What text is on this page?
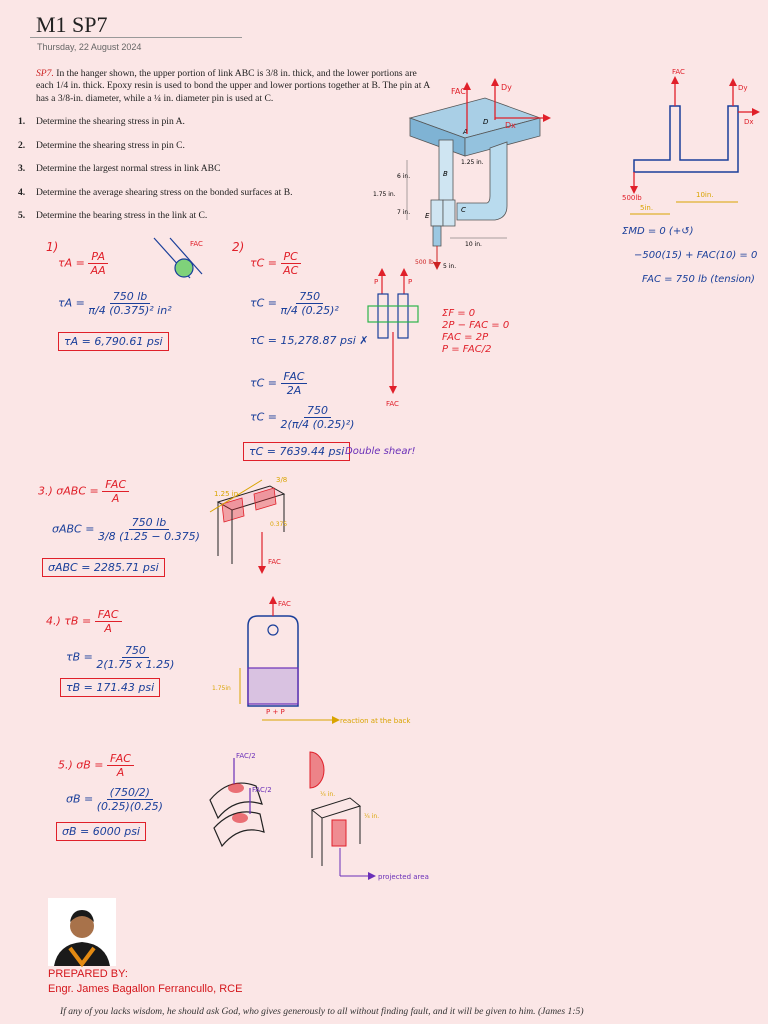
M1 SP7
Thursday, 22 August 2024
SP7. In the hanger shown, the upper portion of link ABC is 3/8 in. thick, and the lower portions are each 1/4 in. thick. Epoxy resin is used to bond the upper and lower portions together at B. The pin at A has a 3/8-in. diameter, while a ¼ in. diameter pin is used at C.
1.	Determine the shearing stress in pin A.
2.	Determine the shearing stress in pin C.
3.	Determine the largest normal stress in link ABC
4.	Determine the average shearing stress on the bonded surfaces at B.
5.	Determine the bearing stress in the link at C.
A
D
B
C
E
1.25 in.
6 in.
1.75 in.
7 in.
10 in.
500 lb
5 in.
FAC	Dy
Dx
FAC
Dy
Dx
500lb	10in.
5in.
ΣMD = 0 (+↺)
−500(15) + FAC(10) = 0
FAC = 750 lb (tension)
1)
$\tau A = \frac{PA}{AA}$
$\tau A = \frac{750 lb}{\text{π/4 (0.375)² in²}}$
τA = 6,790.61 psi
FAC 2)
$\tau C = \frac{PC}{AC}$
$\tau C = \frac{750}{\text{π/4 (0.25)²}}$
τC = 15,278.87 psi ✗
$\tau C = \frac{\text{FAC}}{2A}$
$\tau C = \frac{750}{\text{2(π/4 (0.25)²)}}$
τC = 7639.44 psi Double shear!
P	P
FAC
ΣF = 0
2P − FAC = 0
FAC = 2P
P = FAC/2
3.) $\sigma ABC = \frac{\text{FAC}}{A}$
$\sigma ABC = \frac{750 lb}{3/8 (1.25 - 0.375)}$
σABC = 2285.71 psi
1.25 in
3/8
0.375
FAC
4.) $\tau B = \frac{\text{FAC}}{A}$
$\tau B = \frac{750}{2(1.75 x 1.25)}$
τB = 171.43 psi
FAC
1.75in
P + P
reaction at the back
5.) $\sigma B = \frac{\text{FAC}}{A}$
$\sigma B = \frac{(750/2)}{(0.25)(0.25)}$
σB = 6000 psi
FAC/2
FAC/2
¼ in.
¼ in.
projected area
PREPARED BY:
Engr. James Bagallon Ferrancullo, RCE
If any of you lacks wisdom, he should ask God, who gives generously to all without finding fault, and it will be given to him. (James 1:5)
